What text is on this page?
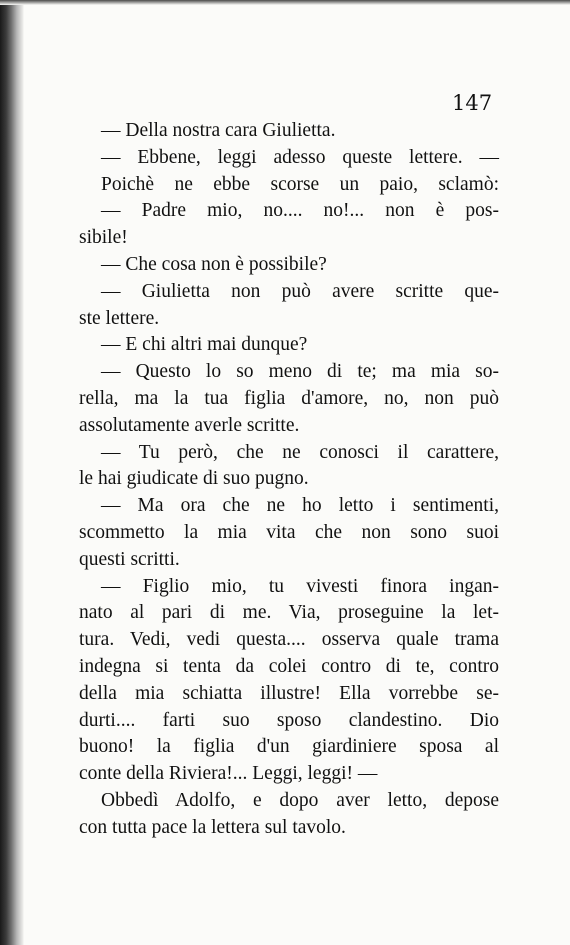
147
— Della nostra cara Giulietta.
— Ebbene, leggi adesso queste lettere. —
Poichè ne ebbe scorse un paio, sclamò:
— Padre mio, no.... no!... non è pos-
sibile!
— Che cosa non è possibile?
— Giulietta non può avere scritte que-
ste lettere.
— E chi altri mai dunque?
— Questo lo so meno di te; ma mia so-
rella, ma la tua figlia d'amore, no, non può
assolutamente averle scritte.
— Tu però, che ne conosci il carattere,
le hai giudicate di suo pugno.
— Ma ora che ne ho letto i sentimenti,
scommetto la mia vita che non sono suoi
questi scritti.
— Figlio mio, tu vivesti finora ingan-
nato al pari di me. Via, proseguine la let-
tura. Vedi, vedi questa.... osserva quale trama
indegna si tenta da colei contro di te, contro
della mia schiatta illustre! Ella vorrebbe se-
durti.... farti suo sposo clandestino. Dio
buono! la figlia d'un giardiniere sposa al
conte della Riviera!... Leggi, leggi! —
Obbedì Adolfo, e dopo aver letto, depose
con tutta pace la lettera sul tavolo.
